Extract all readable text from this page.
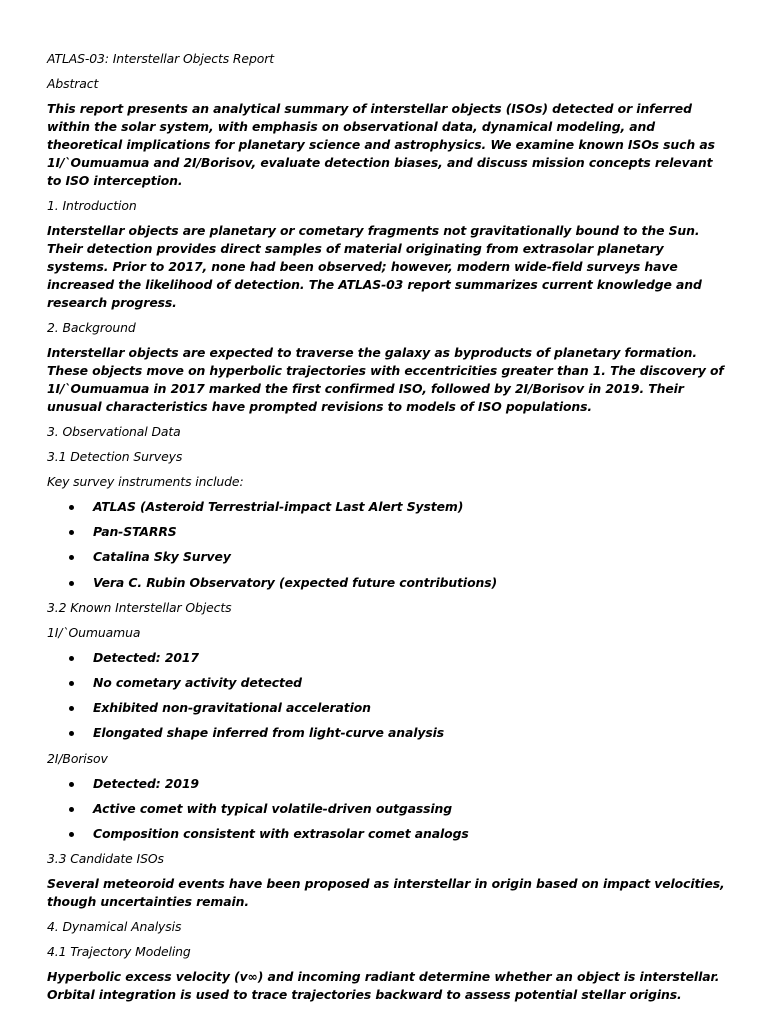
ATLAS-03: Interstellar Objects Report

Abstract

This report presents an analytical summary of interstellar objects (ISOs) detected or inferred within the solar system, with emphasis on observational data, dynamical modeling, and theoretical implications for planetary science and astrophysics. We examine known ISOs such as 1I/`Oumuamua and 2I/Borisov, evaluate detection biases, and discuss mission concepts relevant to ISO interception.

1. Introduction

Interstellar objects are planetary or cometary fragments not gravitationally bound to the Sun. Their detection provides direct samples of material originating from extrasolar planetary systems. Prior to 2017, none had been observed; however, modern wide-field surveys have increased the likelihood of detection. The ATLAS-03 report summarizes current knowledge and research progress.

2. Background

Interstellar objects are expected to traverse the galaxy as byproducts of planetary formation. These objects move on hyperbolic trajectories with eccentricities greater than 1. The discovery of 1I/`Oumuamua in 2017 marked the first confirmed ISO, followed by 2I/Borisov in 2019. Their unusual characteristics have prompted revisions to models of ISO populations.

3. Observational Data

3.1 Detection Surveys

Key survey instruments include:

ATLAS (Asteroid Terrestrial-impact Last Alert System)
Pan-STARRS
Catalina Sky Survey
Vera C. Rubin Observatory (expected future contributions)

3.2 Known Interstellar Objects

1I/`Oumuamua

Detected: 2017
No cometary activity detected
Exhibited non-gravitational acceleration
Elongated shape inferred from light-curve analysis

2I/Borisov

Detected: 2019
Active comet with typical volatile-driven outgassing
Composition consistent with extrasolar comet analogs

3.3 Candidate ISOs

Several meteoroid events have been proposed as interstellar in origin based on impact velocities, though uncertainties remain.

4. Dynamical Analysis

4.1 Trajectory Modeling

Hyperbolic excess velocity (v∞) and incoming radiant determine whether an object is interstellar. Orbital integration is used to trace trajectories backward to assess potential stellar origins.
